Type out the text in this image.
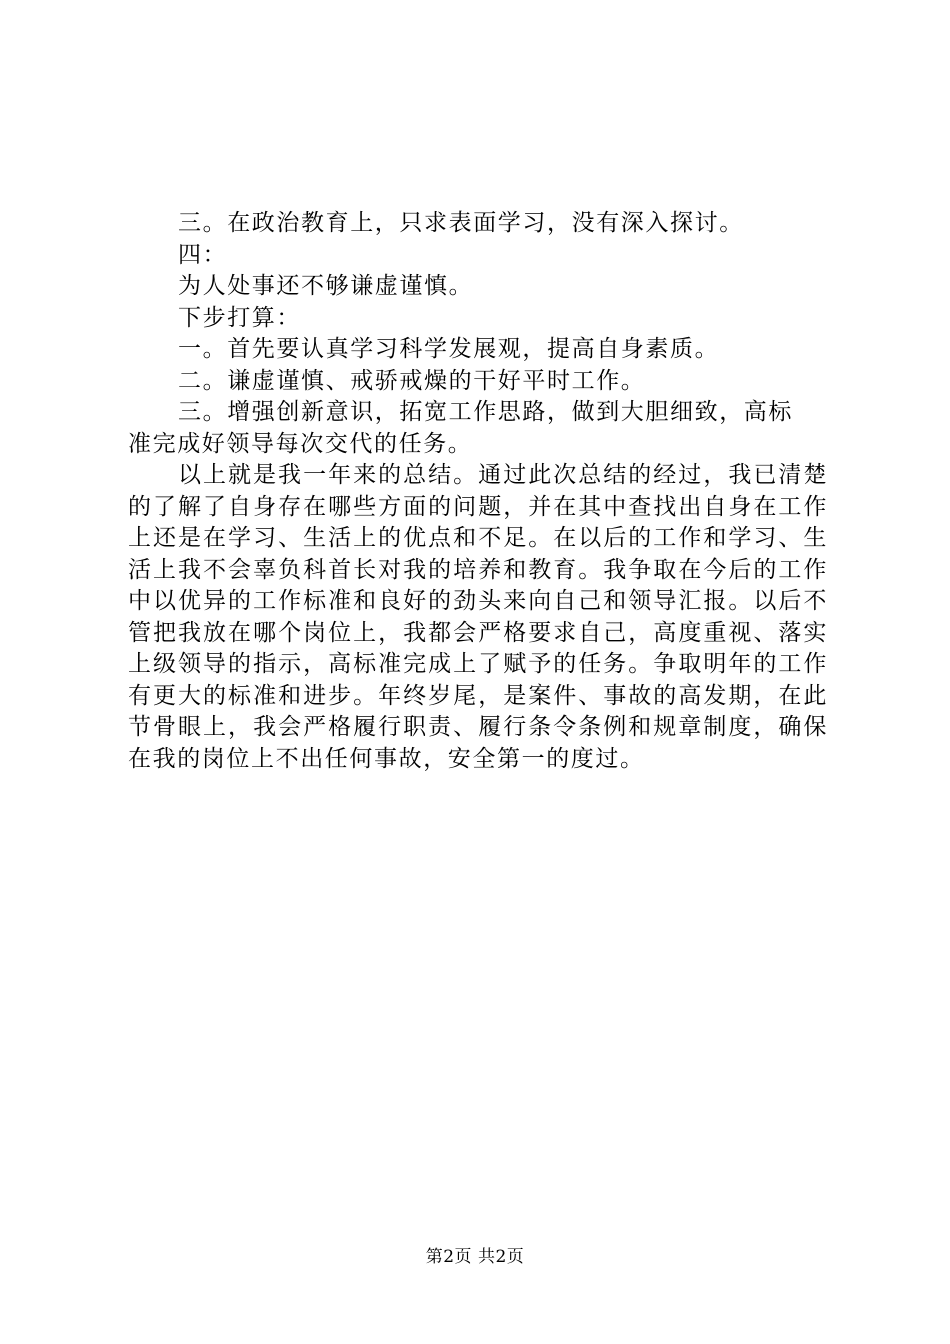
三。在政治教育上，只求表面学习，没有深入探讨。
四：
为人处事还不够谦虚谨慎。
下步打算：
一。首先要认真学习科学发展观，提高自身素质。
二。谦虚谨慎、戒骄戒燥的干好平时工作。
三。增强创新意识，拓宽工作思路，做到大胆细致，高标
准完成好领导每次交代的任务。
以上就是我一年来的总结。通过此次总结的经过，我已清楚的了解了自身存在哪些方面的问题，并在其中查找出自身在工作上还是在学习、生活上的优点和不足。在以后的工作和学习、生活上我不会辜负科首长对我的培养和教育。我争取在今后的工作中以优异的工作标准和良好的劲头来向自己和领导汇报。以后不管把我放在哪个岗位上，我都会严格要求自己，高度重视、落实上级领导的指示，高标准完成上了赋予的任务。争取明年的工作有更大的标准和进步。年终岁尾，是案件、事故的高发期，在此节骨眼上，我会严格履行职责、履行条令条例和规章制度，确保在我的岗位上不出任何事故，安全第一的度过。
第2页 共2页
